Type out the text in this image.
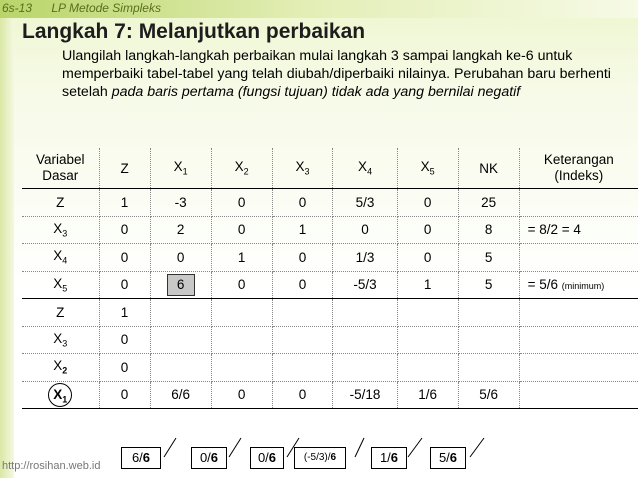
6s-13 LP Metode Simpleks
Langkah 7: Melanjutkan perbaikan
Ulangilah langkah-langkah perbaikan mulai langkah 3 sampai langkah ke-6 untuk memperbaiki tabel-tabel yang telah diubah/diperbaiki nilainya. Perubahan baru berhenti setelah pada baris pertama (fungsi tujuan) tidak ada yang bernilai negatif
Variabel Dasar	Z	$X_1$	$X_2$	$X_3$	$X_4$	$X_5$	NK	Keterangan (Indeks)
Z	1	-3	0	0	5/3	0	25	
$X_3$	0	2	0	1	0	0	8	= 8/2 = 4
$X_4$	0	0	1	0	1/3	0	5	
$X_5$	0	6	0	0	-5/3	1	5	= 5/6 (minimum)
Z	1							
$X_3$	0							
$X_2$	0							
$X_1$	0	6/6	0	0	-5/18	1/6	5/6	
6/6	0/6	0/6	(-5/3)/6	1/6	5/6
http://rosihan.web.id
